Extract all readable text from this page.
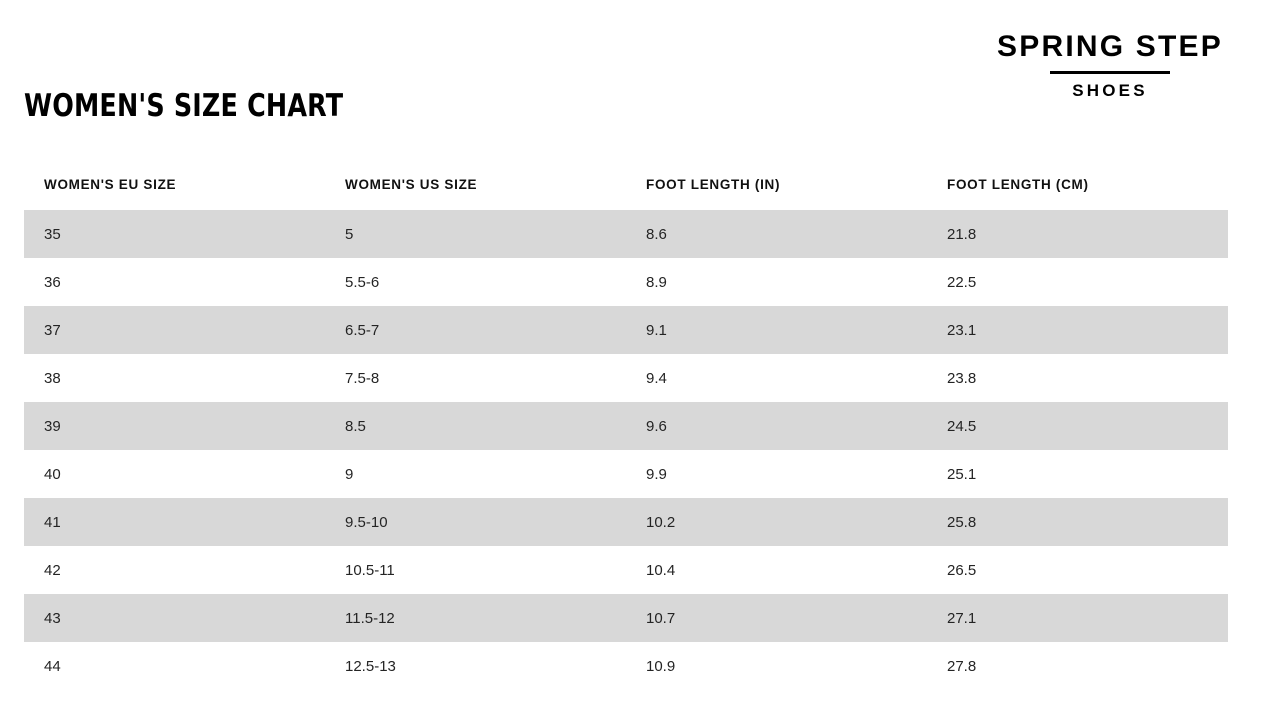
SPRING STEP
SHOES
WOMEN'S SIZE CHART
WOMEN'S EU SIZE	WOMEN'S US SIZE	FOOT LENGTH (IN)	FOOT LENGTH (CM)
35	5	8.6	21.8
36	5.5-6	8.9	22.5
37	6.5-7	9.1	23.1
38	7.5-8	9.4	23.8
39	8.5	9.6	24.5
40	9	9.9	25.1
41	9.5-10	10.2	25.8
42	10.5-11	10.4	26.5
43	11.5-12	10.7	27.1
44	12.5-13	10.9	27.8
